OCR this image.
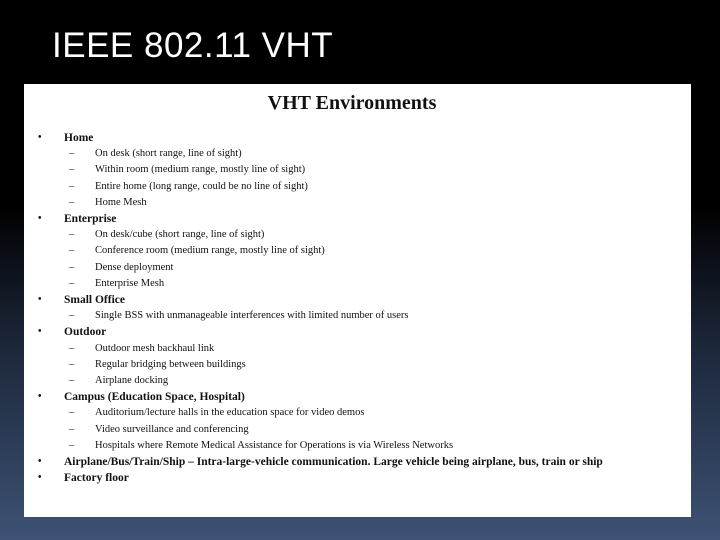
IEEE 802.11 VHT
VHT Environments
• Home
– On desk (short range, line of sight)
– Within room (medium range, mostly line of sight)
– Entire home (long range, could be no line of sight)
– Home Mesh
• Enterprise
– On desk/cube (short range, line of sight)
– Conference room (medium range, mostly line of sight)
– Dense deployment
– Enterprise Mesh
• Small Office
– Single BSS with unmanageable interferences with limited number of users
• Outdoor
– Outdoor mesh backhaul link
– Regular bridging between buildings
– Airplane docking
• Campus (Education Space, Hospital)
– Auditorium/lecture halls in the education space for video demos
– Video surveillance and conferencing
– Hospitals where Remote Medical Assistance for Operations is via Wireless Networks
• Airplane/Bus/Train/Ship – Intra-large-vehicle communication. Large vehicle being airplane, bus, train or ship
• Factory floor
